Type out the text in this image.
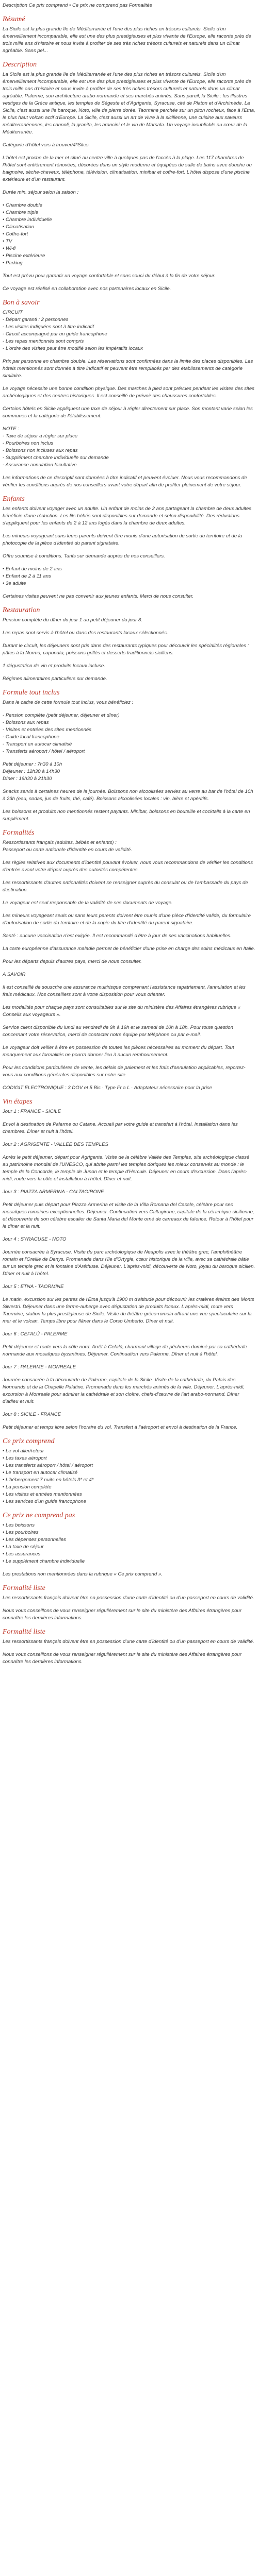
Description Ce prix comprend • Ce prix ne comprend pas Formalités

Résumé

La Sicile est la plus grande île de Méditerranée et l'une des plus riches en trésors culturels. Sicile d'un émerveillement incomparable, elle est une des plus prestigieuses et plus vivante de l'Europe, elle raconte près de trois mille ans d'histoire et nous invite à profiter de ses très riches trésors culturels et naturels dans un climat agréable. Sans pel...

Description

La Sicile est la plus grande île de Méditerranée et l'une des plus riches en trésors culturels. Sicile d'un émerveillement incomparable, elle est une des plus prestigieuses et plus vivante de l'Europe, elle raconte près de trois mille ans d'histoire et nous invite à profiter de ses très riches trésors culturels et naturels dans un climat agréable. Palerme, son architecture arabo-normande et ses marchés animés. Sans pareil, la Sicile : les illustres vestiges de la Grèce antique, les temples de Ségeste et d'Agrigente, Syracuse, cité de Platon et d'Archimède. La Sicile, c'est aussi une île baroque, Noto, ville de pierre dorée. Taormine perchée sur un piton rocheux, face à l'Etna, le plus haut volcan actif d'Europe. La Sicile, c'est aussi un art de vivre à la sicilienne, une cuisine aux saveurs méditerranéennes, les cannoli, la granita, les arancini et le vin de Marsala. Un voyage inoubliable au cœur de la Méditerranée.

Catégorie d'hôtel vers à trouver/4*Sites

L'hôtel est proche de la mer et situé au centre ville à quelques pas de l'accès à la plage. Les 117 chambres de l'hôtel sont entièrement rénovées, décorées dans un style moderne et équipées de salle de bains avec douche ou baignoire, sèche-cheveux, téléphone, télévision, climatisation, minibar et coffre-fort. L'hôtel dispose d'une piscine extérieure et d'un restaurant.

Durée min. séjour selon la saison :

• Chambre double
• Chambre triple
• Chambre individuelle
• Climatisation
• Coffre-fort
• TV
• Wi-fi
• Piscine extérieure
• Parking

Tout est prévu pour garantir un voyage confortable et sans souci du début à la fin de votre séjour.

Ce voyage est réalisé en collaboration avec nos partenaires locaux en Sicile.

Bon à savoir

CIRCUIT
- Départ garanti : 2 personnes
- Les visites indiquées sont à titre indicatif
- Circuit accompagné par un guide francophone
- Les repas mentionnés sont compris
- L'ordre des visites peut être modifié selon les impératifs locaux

Prix par personne en chambre double. Les réservations sont confirmées dans la limite des places disponibles. Les hôtels mentionnés sont donnés à titre indicatif et peuvent être remplacés par des établissements de catégorie similaire.

Le voyage nécessite une bonne condition physique. Des marches à pied sont prévues pendant les visites des sites archéologiques et des centres historiques. Il est conseillé de prévoir des chaussures confortables.

Certains hôtels en Sicile appliquent une taxe de séjour à régler directement sur place. Son montant varie selon les communes et la catégorie de l'établissement.

NOTE :
- Taxe de séjour à régler sur place
- Pourboires non inclus
- Boissons non incluses aux repas
- Supplément chambre individuelle sur demande
- Assurance annulation facultative

Les informations de ce descriptif sont données à titre indicatif et peuvent évoluer. Nous vous recommandons de vérifier les conditions auprès de nos conseillers avant votre départ afin de profiter pleinement de votre séjour.

Enfants

Les enfants doivent voyager avec un adulte. Un enfant de moins de 2 ans partageant la chambre de deux adultes bénéficie d'une réduction. Les lits bébés sont disponibles sur demande et selon disponibilité. Des réductions s'appliquent pour les enfants de 2 à 12 ans logés dans la chambre de deux adultes.

Les mineurs voyageant sans leurs parents doivent être munis d'une autorisation de sortie du territoire et de la photocopie de la pièce d'identité du parent signataire.

Offre soumise à conditions. Tarifs sur demande auprès de nos conseillers.

• Enfant de moins de 2 ans
• Enfant de 2 à 11 ans
• 3e adulte

Certaines visites peuvent ne pas convenir aux jeunes enfants. Merci de nous consulter.

Restauration

Pension complète du dîner du jour 1 au petit déjeuner du jour 8.

Les repas sont servis à l'hôtel ou dans des restaurants locaux sélectionnés.

Durant le circuit, les déjeuners sont pris dans des restaurants typiques pour découvrir les spécialités régionales : pâtes à la Norma, caponata, poissons grillés et desserts traditionnels siciliens.

1 dégustation de vin et produits locaux incluse.

Régimes alimentaires particuliers sur demande.

Formule tout inclus

Dans le cadre de cette formule tout inclus, vous bénéficiez :

- Pension complète (petit déjeuner, déjeuner et dîner)
- Boissons aux repas
- Visites et entrées des sites mentionnés
- Guide local francophone
- Transport en autocar climatisé
- Transferts aéroport / hôtel / aéroport

Petit déjeuner : 7h30 à 10h
Déjeuner : 12h30 à 14h30
Dîner : 19h30 à 21h30

Snacks servis à certaines heures de la journée. Boissons non alcoolisées servies au verre au bar de l'hôtel de 10h à 23h (eau, sodas, jus de fruits, thé, café). Boissons alcoolisées locales : vin, bière et apéritifs.

Les boissons et produits non mentionnés restent payants. Minibar, boissons en bouteille et cocktails à la carte en supplément.

Formalités

Ressortissants français (adultes, bébés et enfants) :
Passeport ou carte nationale d'identité en cours de validité.

Les règles relatives aux documents d'identité pouvant évoluer, nous vous recommandons de vérifier les conditions d'entrée avant votre départ auprès des autorités compétentes.

Les ressortissants d'autres nationalités doivent se renseigner auprès du consulat ou de l'ambassade du pays de destination.

Le voyageur est seul responsable de la validité de ses documents de voyage.

Les mineurs voyageant seuls ou sans leurs parents doivent être munis d'une pièce d'identité valide, du formulaire d'autorisation de sortie du territoire et de la copie du titre d'identité du parent signataire.

Santé : aucune vaccination n'est exigée. Il est recommandé d'être à jour de ses vaccinations habituelles.

La carte européenne d'assurance maladie permet de bénéficier d'une prise en charge des soins médicaux en Italie.

Pour les départs depuis d'autres pays, merci de nous consulter.

A SAVOIR

Il est conseillé de souscrire une assurance multirisque comprenant l'assistance rapatriement, l'annulation et les frais médicaux. Nos conseillers sont à votre disposition pour vous orienter.

Les modalités pour chaque pays sont consultables sur le site du ministère des Affaires étrangères rubrique « Conseils aux voyageurs ».

Service client disponible du lundi au vendredi de 9h à 19h et le samedi de 10h à 18h. Pour toute question concernant votre réservation, merci de contacter notre équipe par téléphone ou par e-mail.

Le voyageur doit veiller à être en possession de toutes les pièces nécessaires au moment du départ. Tout manquement aux formalités ne pourra donner lieu à aucun remboursement.

Pour les conditions particulières de vente, les délais de paiement et les frais d'annulation applicables, reportez-vous aux conditions générales disponibles sur notre site.

CODIGIT ELECTRONIQUE : 3 DOV et 5 Bis · Type Fr a L · Adaptateur nécessaire pour la prise

Vin étapes

Jour 1 : FRANCE - SICILE

Envol à destination de Palerme ou Catane. Accueil par votre guide et transfert à l'hôtel. Installation dans les chambres. Dîner et nuit à l'hôtel.

Jour 2 : AGRIGENTE - VALLÉE DES TEMPLES

Après le petit déjeuner, départ pour Agrigente. Visite de la célèbre Vallée des Temples, site archéologique classé au patrimoine mondial de l'UNESCO, qui abrite parmi les temples doriques les mieux conservés au monde : le temple de la Concorde, le temple de Junon et le temple d'Hercule. Déjeuner en cours d'excursion. Dans l'après-midi, route vers la côte et installation à l'hôtel. Dîner et nuit.

Jour 3 : PIAZZA ARMERINA - CALTAGIRONE

Petit déjeuner puis départ pour Piazza Armerina et visite de la Villa Romana del Casale, célèbre pour ses mosaïques romaines exceptionnelles. Déjeuner. Continuation vers Caltagirone, capitale de la céramique sicilienne, et découverte de son célèbre escalier de Santa Maria del Monte orné de carreaux de faïence. Retour à l'hôtel pour le dîner et la nuit.

Jour 4 : SYRACUSE - NOTO

Journée consacrée à Syracuse. Visite du parc archéologique de Neapolis avec le théâtre grec, l'amphithéâtre romain et l'Oreille de Denys. Promenade dans l'île d'Ortygie, cœur historique de la ville, avec sa cathédrale bâtie sur un temple grec et la fontaine d'Aréthuse. Déjeuner. L'après-midi, découverte de Noto, joyau du baroque sicilien. Dîner et nuit à l'hôtel.

Jour 5 : ETNA - TAORMINE

Le matin, excursion sur les pentes de l'Etna jusqu'à 1900 m d'altitude pour découvrir les cratères éteints des Monts Silvestri. Déjeuner dans une ferme-auberge avec dégustation de produits locaux. L'après-midi, route vers Taormine, station la plus prestigieuse de Sicile. Visite du théâtre gréco-romain offrant une vue spectaculaire sur la mer et le volcan. Temps libre pour flâner dans le Corso Umberto. Dîner et nuit.

Jour 6 : CEFALÙ - PALERME

Petit déjeuner et route vers la côte nord. Arrêt à Cefalù, charmant village de pêcheurs dominé par sa cathédrale normande aux mosaïques byzantines. Déjeuner. Continuation vers Palerme. Dîner et nuit à l'hôtel.

Jour 7 : PALERME - MONREALE

Journée consacrée à la découverte de Palerme, capitale de la Sicile. Visite de la cathédrale, du Palais des Normands et de la Chapelle Palatine. Promenade dans les marchés animés de la ville. Déjeuner. L'après-midi, excursion à Monreale pour admirer la cathédrale et son cloître, chefs-d'œuvre de l'art arabo-normand. Dîner d'adieu et nuit.

Jour 8 : SICILE - FRANCE

Petit déjeuner et temps libre selon l'horaire du vol. Transfert à l'aéroport et envol à destination de la France.

Ce prix comprend

• Le vol aller/retour
• Les taxes aéroport
• Les transferts aéroport / hôtel / aéroport
• Le transport en autocar climatisé
• L'hébergement 7 nuits en hôtels 3* et 4*
• La pension complète
• Les visites et entrées mentionnées
• Les services d'un guide francophone

Ce prix ne comprend pas

• Les boissons
• Les pourboires
• Les dépenses personnelles
• La taxe de séjour
• Les assurances
• Le supplément chambre individuelle

Les prestations non mentionnées dans la rubrique « Ce prix comprend ».

Formalité liste

Les ressortissants français doivent être en possession d'une carte d'identité ou d'un passeport en cours de validité.

Nous vous conseillons de vous renseigner régulièrement sur le site du ministère des Affaires étrangères pour connaître les dernières informations.

Formalité liste

Les ressortissants français doivent être en possession d'une carte d'identité ou d'un passeport en cours de validité.

Nous vous conseillons de vous renseigner régulièrement sur le site du ministère des Affaires étrangères pour connaître les dernières informations.
